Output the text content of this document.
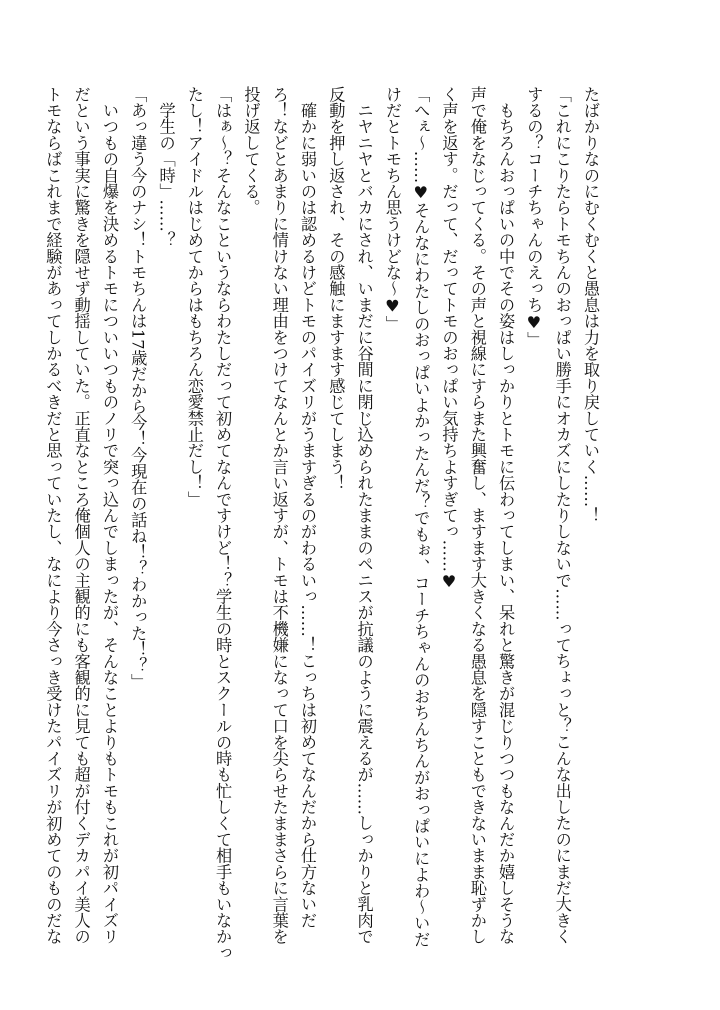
たばかりなのにむくむくと愚息は力を取り戻していく……！
「これにこりたらトモちんのおっぱい勝手にオカズにしたりしないで……ってちょっと？こんな出したのにまだ大きく
するの？コーチちゃんのえっち♥」
　もちろんおっぱいの中でその姿はしっかりとトモに伝わってしまい、呆れと驚きが混じりつつもなんだか嬉しそうな
声で俺をなじってくる。その声と視線にすらまた興奮し、ますます大きくなる愚息を隠すこともできないまま恥ずかし
く声を返す。だって、だってトモのおっぱい気持ちよすぎてっ……♥
「へぇ〜……♥そんなにわたしのおっぱいよかったんだ？でもぉ、コーチちゃんのおちんちんがおっぱいによわ〜いだ
けだとトモちん思うけどな〜♥」
　ニヤニヤとバカにされ、いまだに谷間に閉じ込められたままのペニスが抗議のように震えるが……しっかりと乳肉で
反動を押し返され、その感触にますます感じてしまう！
　確かに弱いのは認めるけどトモのパイズリがうますぎるのがわるいっ……！こっちは初めてなんだから仕方ないだ
ろ！などとあまりに情けない理由をつけてなんとか言い返すが、トモは不機嫌になって口を尖らせたままさらに言葉を
投げ返してくる。
「はぁ〜？そんなこというならわたしだって初めてなんですけど！？学生の時とスクールの時も忙しくて相手もいなかっ
たし！アイドルはじめてからはもちろん恋愛禁止だし！」
　学生の「時」……？
「あっ違う今のナシ！トモちんは17歳だから今！今現在の話ね！？わかった！？」
　いつもの自爆を決めるトモについいつものノリで突っ込んでしまったが、そんなことよりもトモもこれが初パイズリ
だという事実に驚きを隠せず動揺していた。正直なところ俺個人の主観的にも客観的に見ても超が付くデカパイ美人の
トモならばこれまで経験があってしかるべきだと思っていたし、なにより今さっき受けたパイズリが初めてのものだな
